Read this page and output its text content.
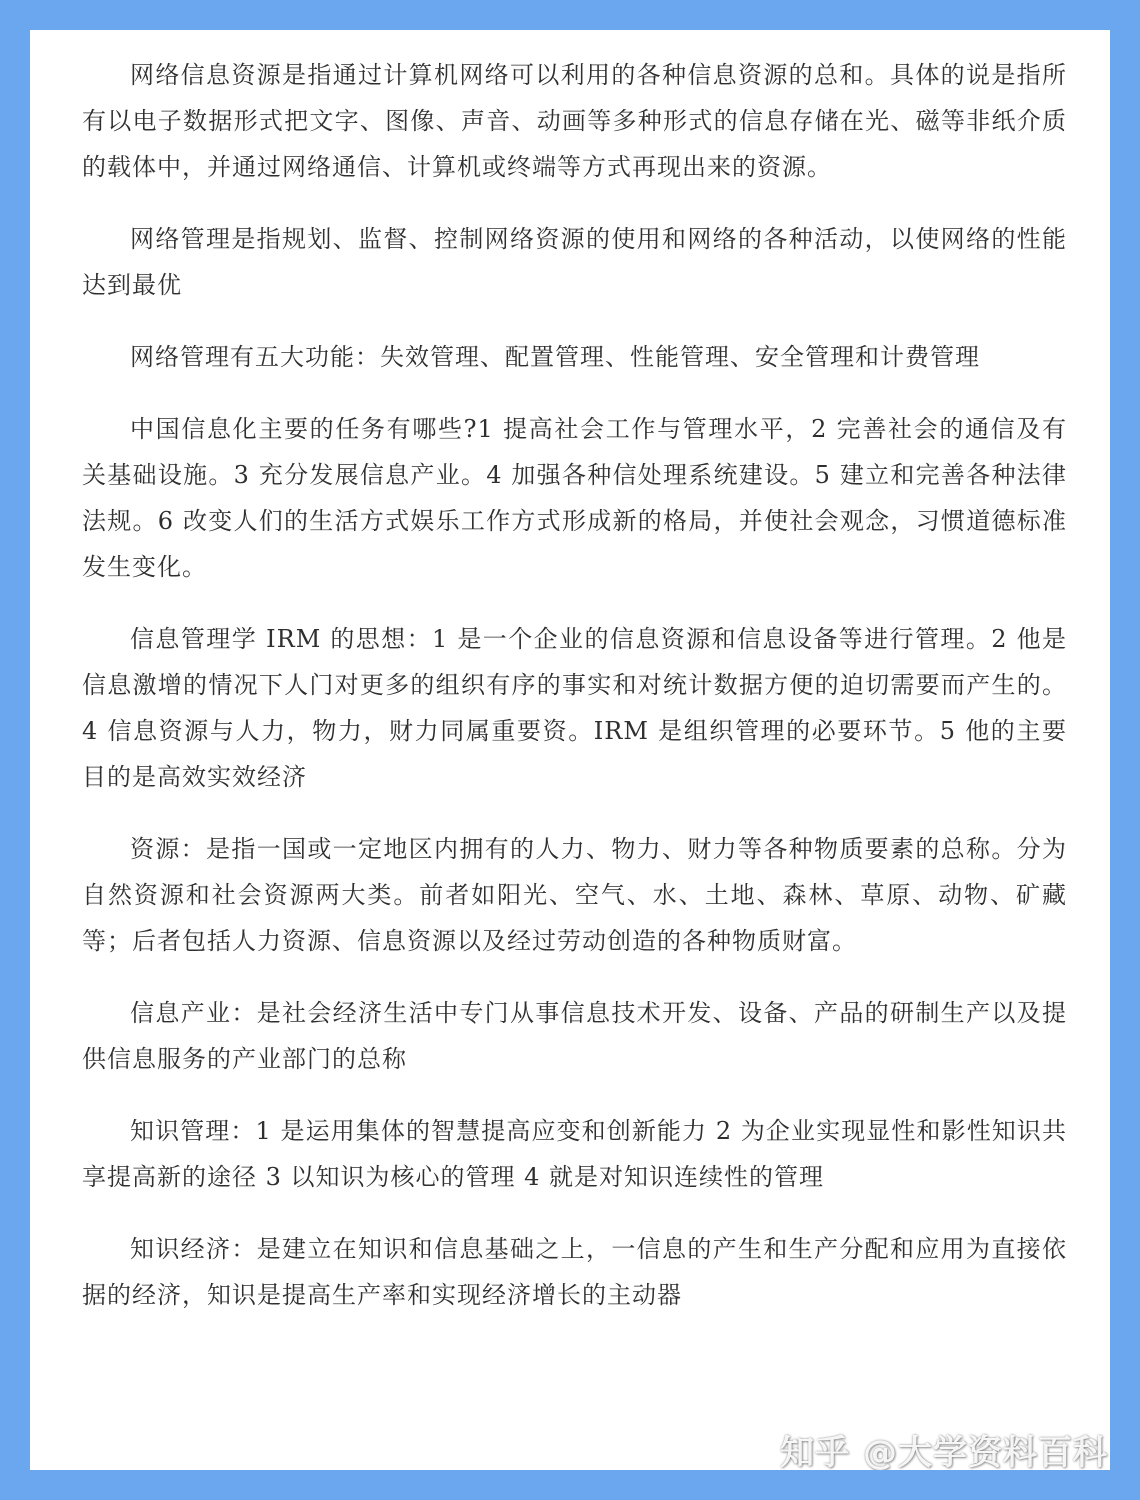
网络信息资源是指通过计算机网络可以利用的各种信息资源的总和。具体的说是指所有以电子数据形式把文字、图像、声音、动画等多种形式的信息存储在光、磁等非纸介质的载体中，并通过网络通信、计算机或终端等方式再现出来的资源。

网络管理是指规划、监督、控制网络资源的使用和网络的各种活动，以使网络的性能达到最优

网络管理有五大功能：失效管理、配置管理、性能管理、安全管理和计费管理

中国信息化主要的任务有哪些?1 提高社会工作与管理水平，2 完善社会的通信及有关基础设施。3 充分发展信息产业。4 加强各种信处理系统建设。5 建立和完善各种法律法规。6 改变人们的生活方式娱乐工作方式形成新的格局，并使社会观念，习惯道德标准发生变化。

信息管理学 IRM 的思想：1 是一个企业的信息资源和信息设备等进行管理。2 他是信息激增的情况下人门对更多的组织有序的事实和对统计数据方便的迫切需要而产生的。4 信息资源与人力，物力，财力同属重要资。IRM 是组织管理的必要环节。5 他的主要目的是高效实效经济

资源：是指一国或一定地区内拥有的人力、物力、财力等各种物质要素的总称。分为自然资源和社会资源两大类。前者如阳光、空气、水、土地、森林、草原、动物、矿藏等；后者包括人力资源、信息资源以及经过劳动创造的各种物质财富。

信息产业：是社会经济生活中专门从事信息技术开发、设备、产品的研制生产以及提供信息服务的产业部门的总称

知识管理：1 是运用集体的智慧提高应变和创新能力 2 为企业实现显性和影性知识共享提高新的途径 3 以知识为核心的管理 4 就是对知识连续性的管理

知识经济：是建立在知识和信息基础之上，一信息的产生和生产分配和应用为直接依据的经济，知识是提高生产率和实现经济增长的主动器

知乎 @大学资料百科
